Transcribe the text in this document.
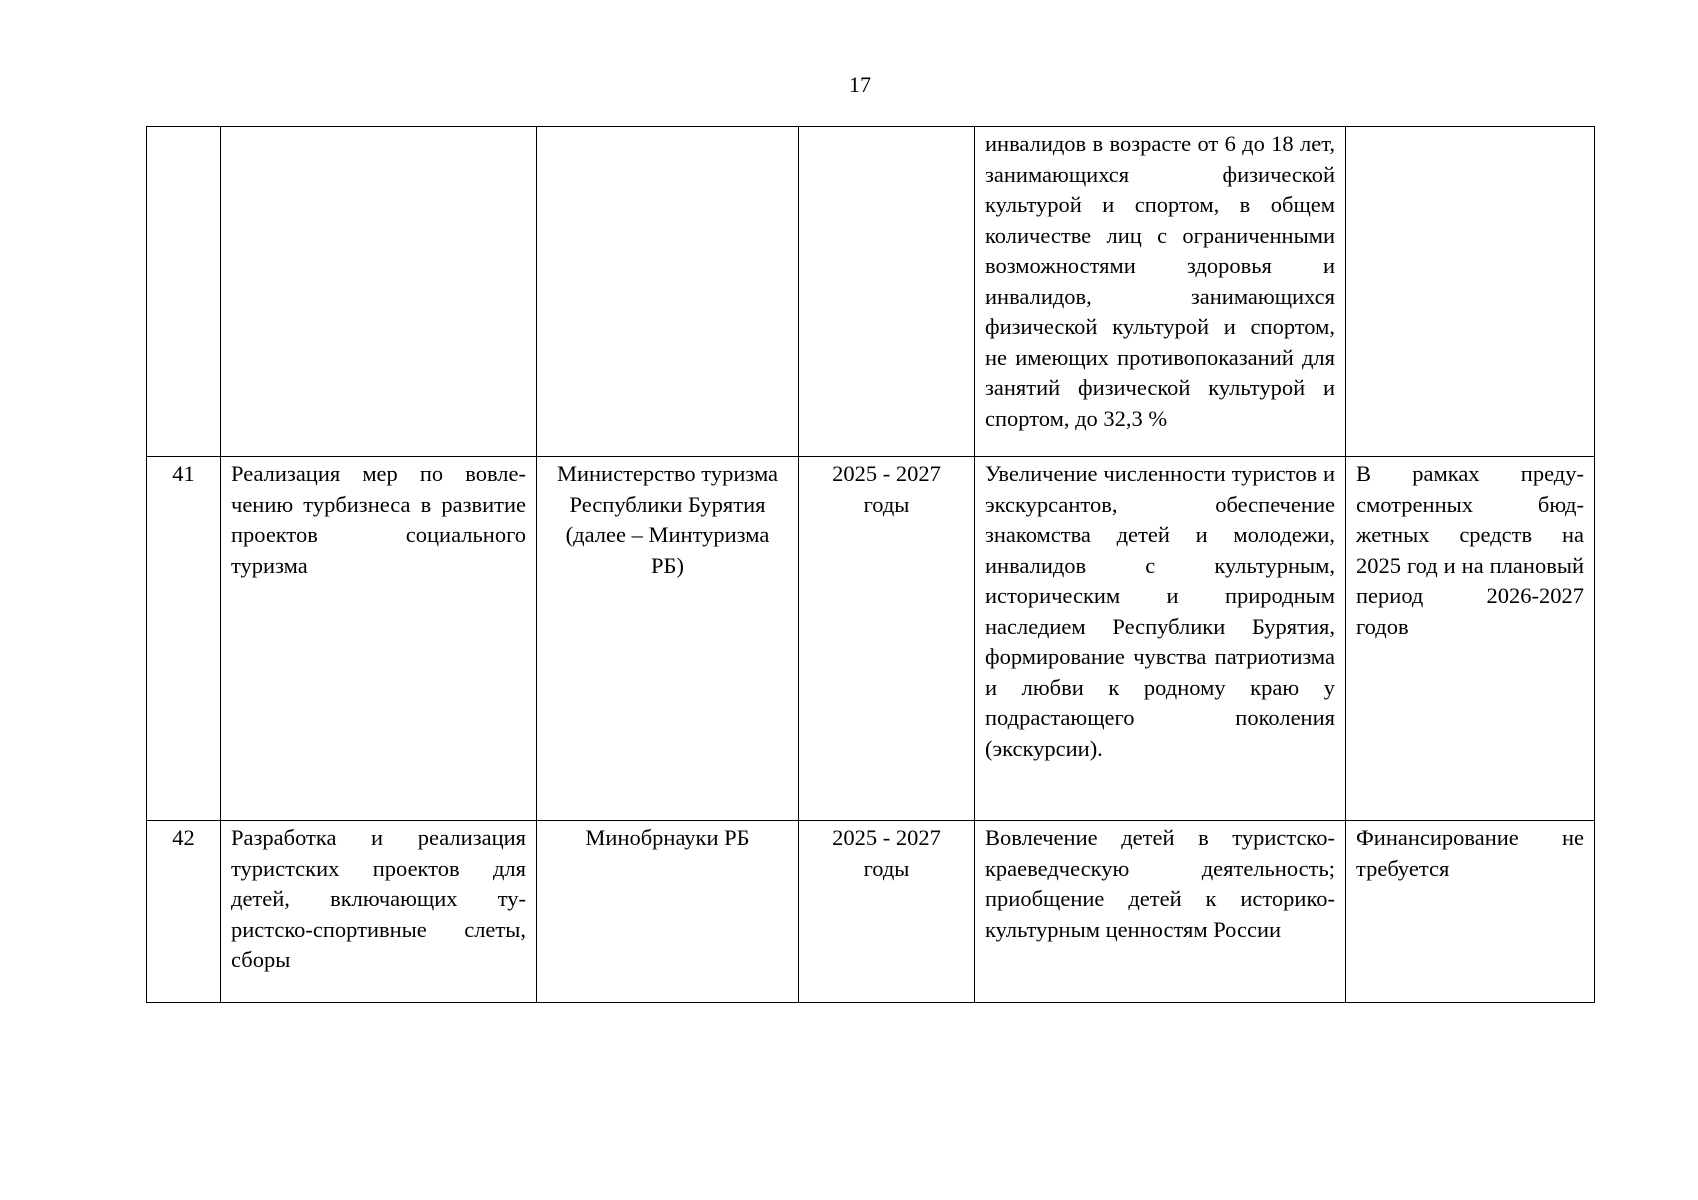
17
				инвалидов в возрасте от 6 до 18 лет, занимающихся физической культурой и спортом, в общем количестве лиц с ограниченными возможностями здоровья и инвалидов, занимающихся физической культурой и спортом, не имеющих противопоказаний для занятий физической культурой и спортом, до 32,3 %	
41	Реализация мер по вовлечению турбизнеса в развитие проектов социального туризма	Министерство туризма Республики Бурятия (далее – Минтуризма РБ)	2025 - 2027 годы	Увеличение численности туристов и экскурсантов, обеспечение знакомства детей и молодежи, инвалидов с культурным, историческим и природным наследием Республики Бурятия, формирование чувства патриотизма и любви к родному краю у подрастающего поколения (экскурсии).	В рамках предусмотренных бюджетных средств на 2025 год и на плановый период 2026-2027 годов
42	Разработка и реализация туристских проектов для детей, включающих туристско-спортивные слеты, сборы	Минобрнауки РБ	2025 - 2027 годы	Вовлечение детей в туристско-краеведческую деятельность; приобщение детей к историко-культурным ценностям России	Финансирование не требуется
